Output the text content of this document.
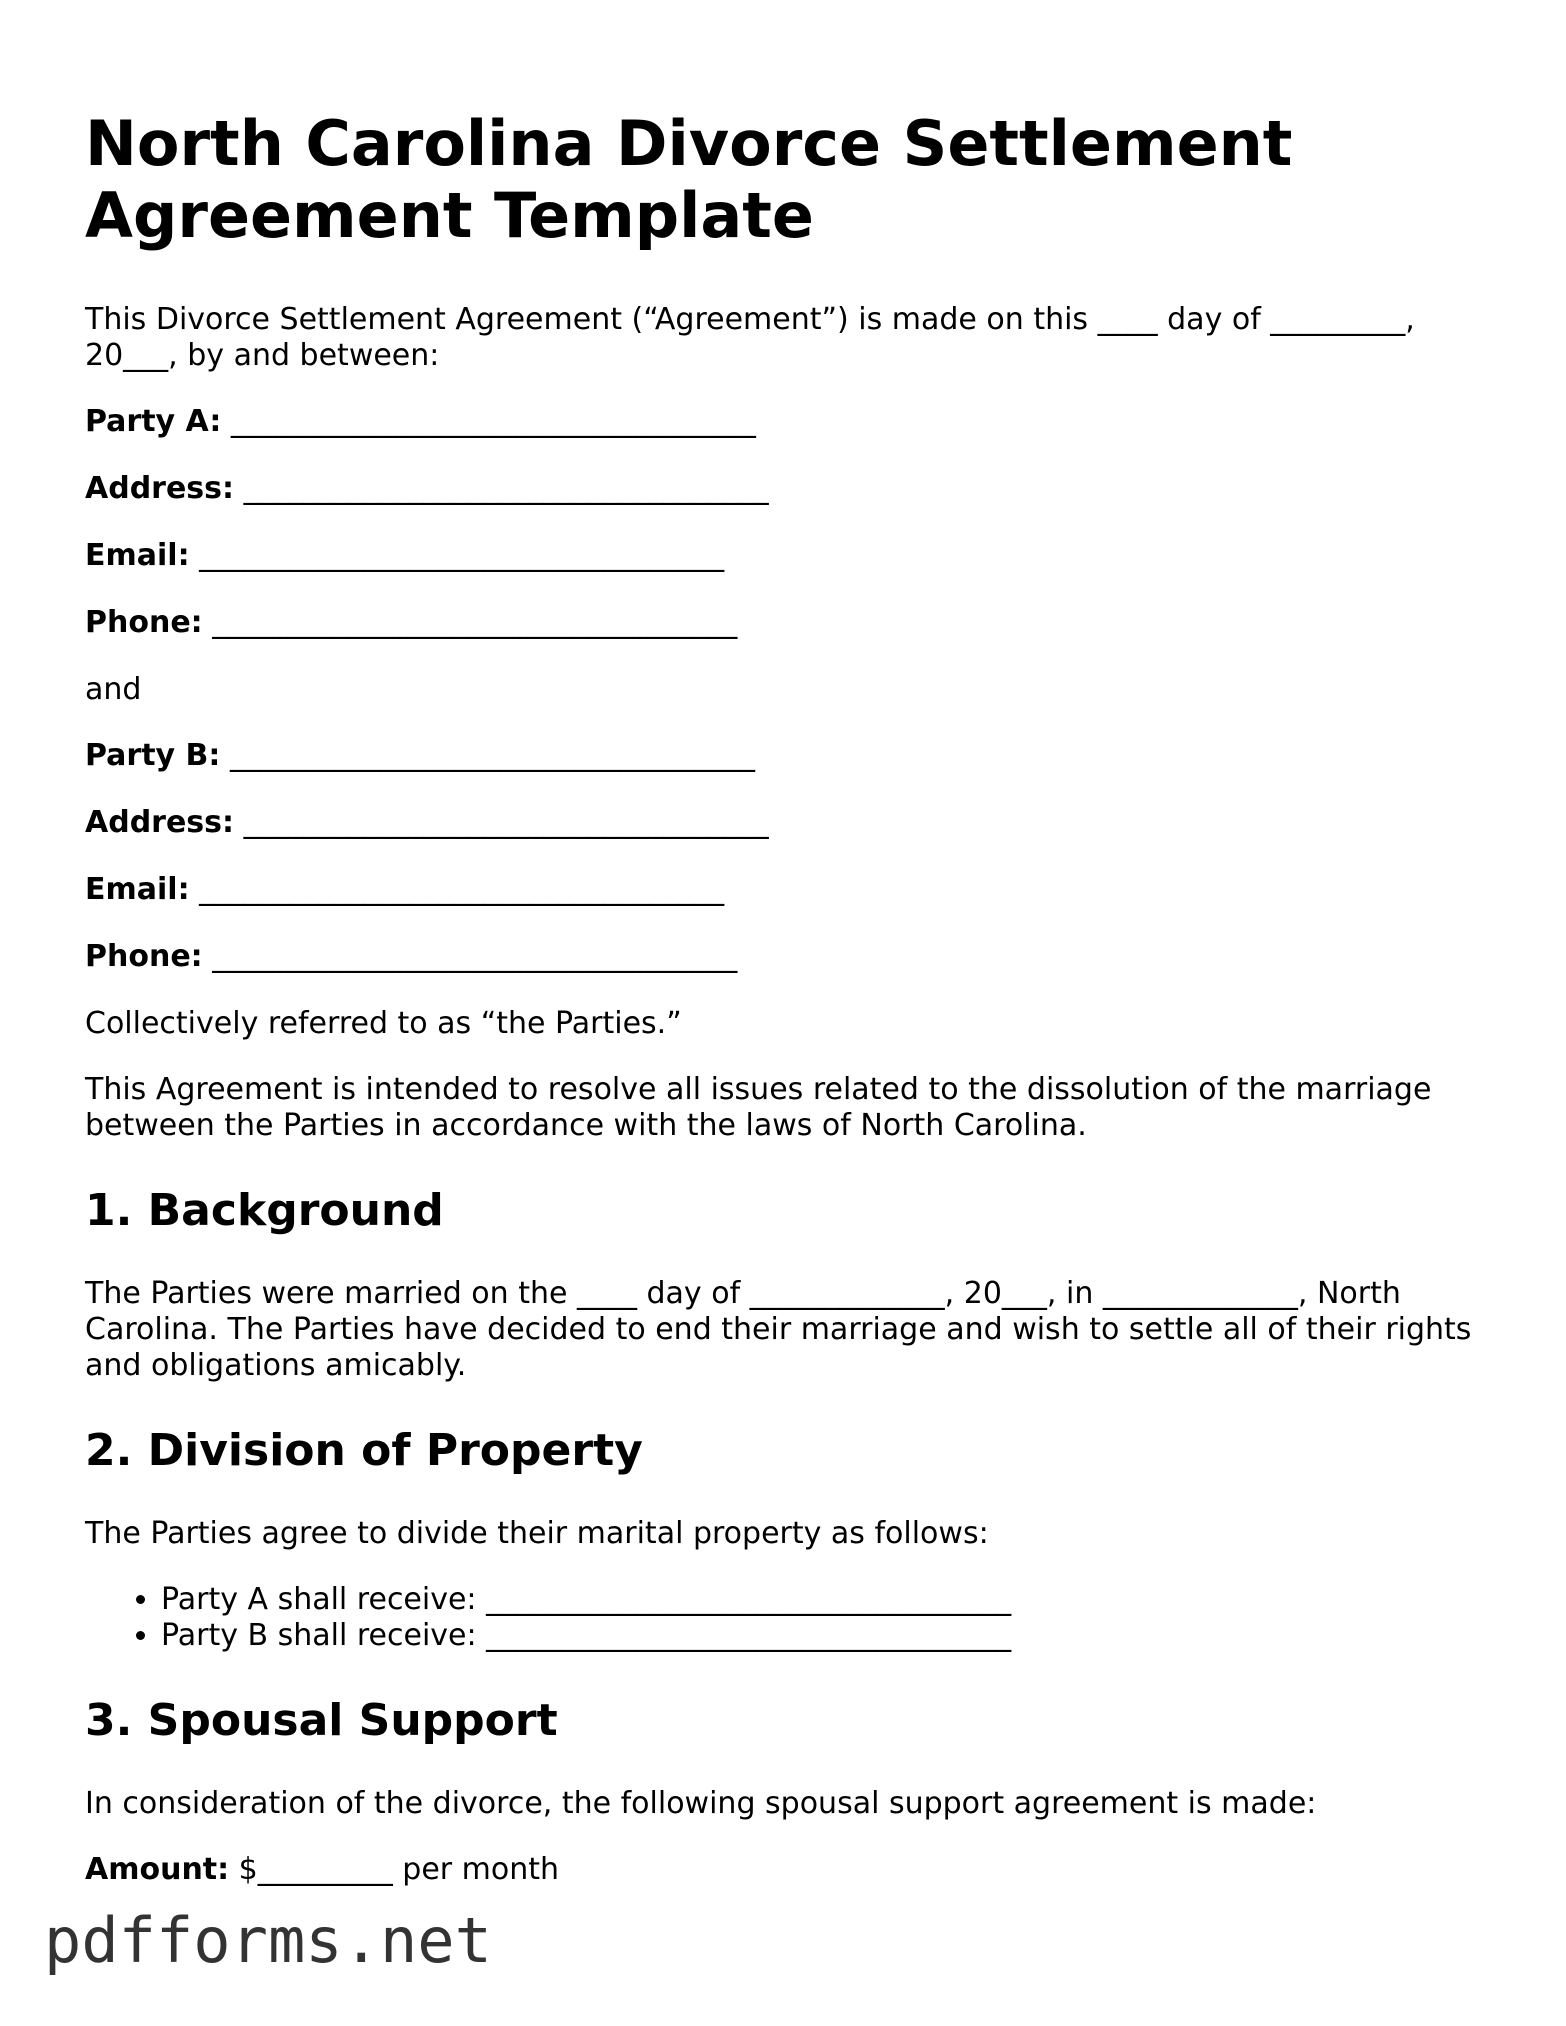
North Carolina Divorce Settlement Agreement Template

This Divorce Settlement Agreement (“Agreement”) is made on this ____ day of _________, 20___, by and between:

Party A: ___________________________________
Address: ___________________________________
Email: ___________________________________
Phone: ___________________________________

and

Party B: ___________________________________
Address: ___________________________________
Email: ___________________________________
Phone: ___________________________________

Collectively referred to as “the Parties.”

This Agreement is intended to resolve all issues related to the dissolution of the marriage between the Parties in accordance with the laws of North Carolina.

1. Background

The Parties were married on the ____ day of _____________, 20___, in _____________, North Carolina. The Parties have decided to end their marriage and wish to settle all of their rights and obligations amicably.

2. Division of Property

The Parties agree to divide their marital property as follows:

• Party A shall receive: ___________________________________
• Party B shall receive: ___________________________________
3. Spousal Support

In consideration of the divorce, the following spousal support agreement is made:

Amount: $_________ per month
pdfforms.net
